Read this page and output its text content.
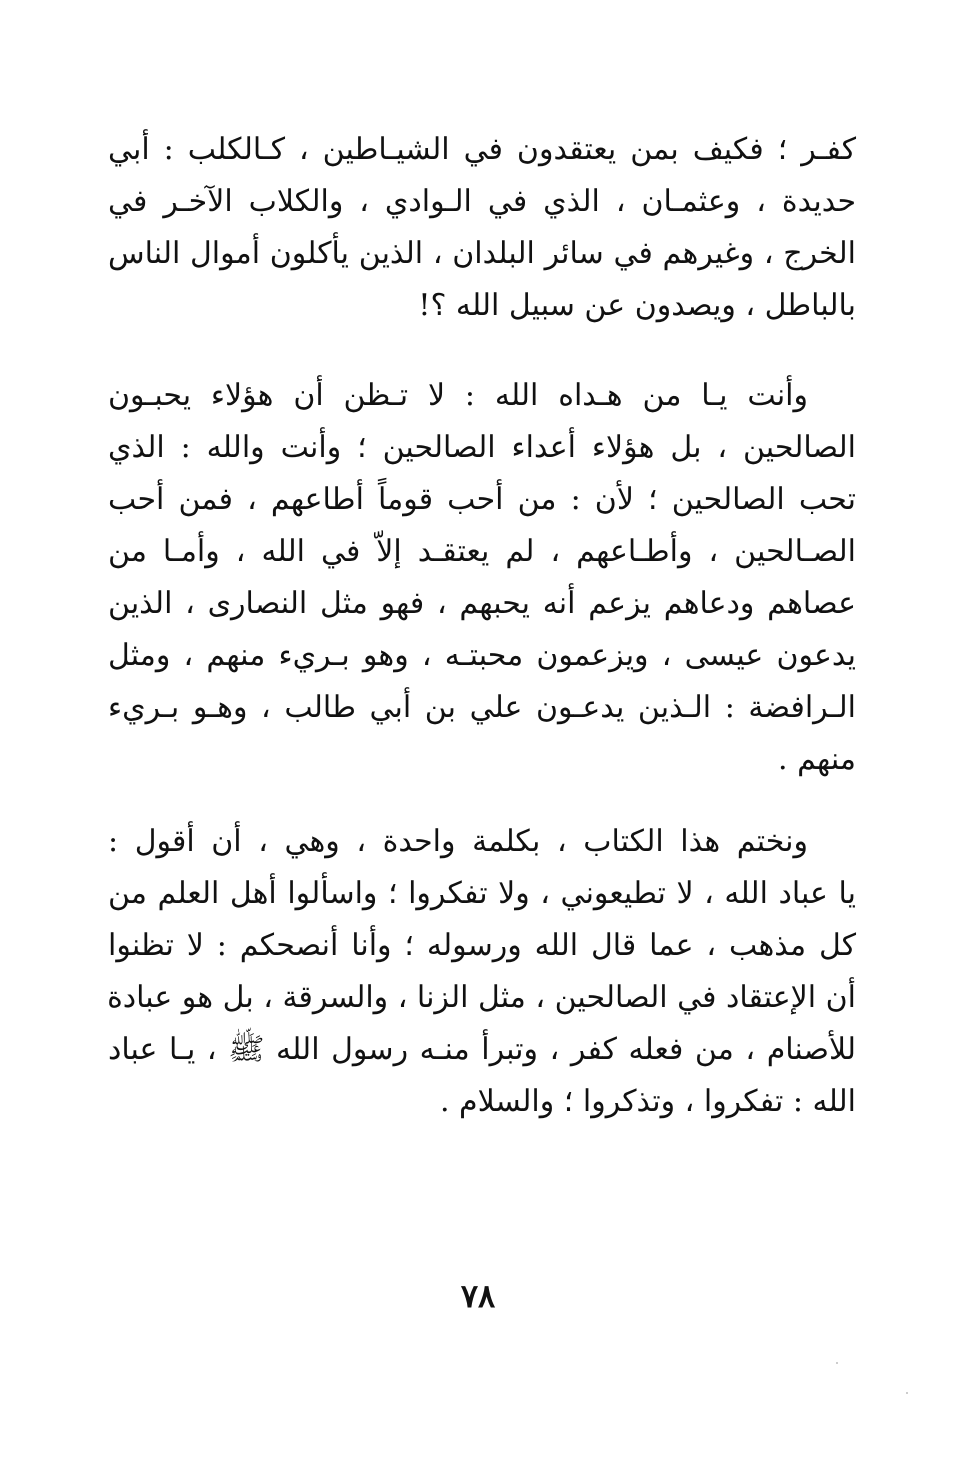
كفـر ؛ فكيف بمن يعتقدون في الشيـاطين ، كـالكلب : أبي
حديدة ، وعثمـان ، الذي في الـوادي ، والكلاب الآخـر في
الخرج ، وغيرهم في سائر البلدان ، الذين يأكلون أموال الناس
بالباطل ، ويصدون عن سبيل الله ؟!
وأنت يـا من هـداه الله : لا تـظن أن هؤلاء يحبـون
الصالحين ، بل هؤلاء أعداء الصالحين ؛ وأنت والله : الذي
تحب الصالحين ؛ لأن : من أحب قوماً أطاعهم ، فمن أحب
الصـالحين ، وأطـاعهم ، لم يعتقـد إلاّ في الله ، وأمـا من
عصاهم ودعاهم يزعم أنه يحبهم ، فهو مثل النصارى ، الذين
يدعون عيسى ، ويزعمون محبتـه ، وهو بـريء منهم ، ومثل
الـرافضة : الـذين يدعـون علي بن أبي طالب ، وهـو بـريء
منهم .
ونختم هذا الكتاب ، بكلمة واحدة ، وهي ، أن أقول :
يا عباد الله ، لا تطيعوني ، ولا تفكروا ؛ واسألوا أهل العلم من
كل مذهب ، عما قال الله ورسوله ؛ وأنا أنصحكم : لا تظنوا
أن الإعتقاد في الصالحين ، مثل الزنا ، والسرقة ، بل هو عبادة
للأصنام ، من فعله كفر ، وتبرأ منـه رسول الله ﷺ ، يـا عباد
الله : تفكروا ، وتذكروا ؛ والسلام .
٧٨
